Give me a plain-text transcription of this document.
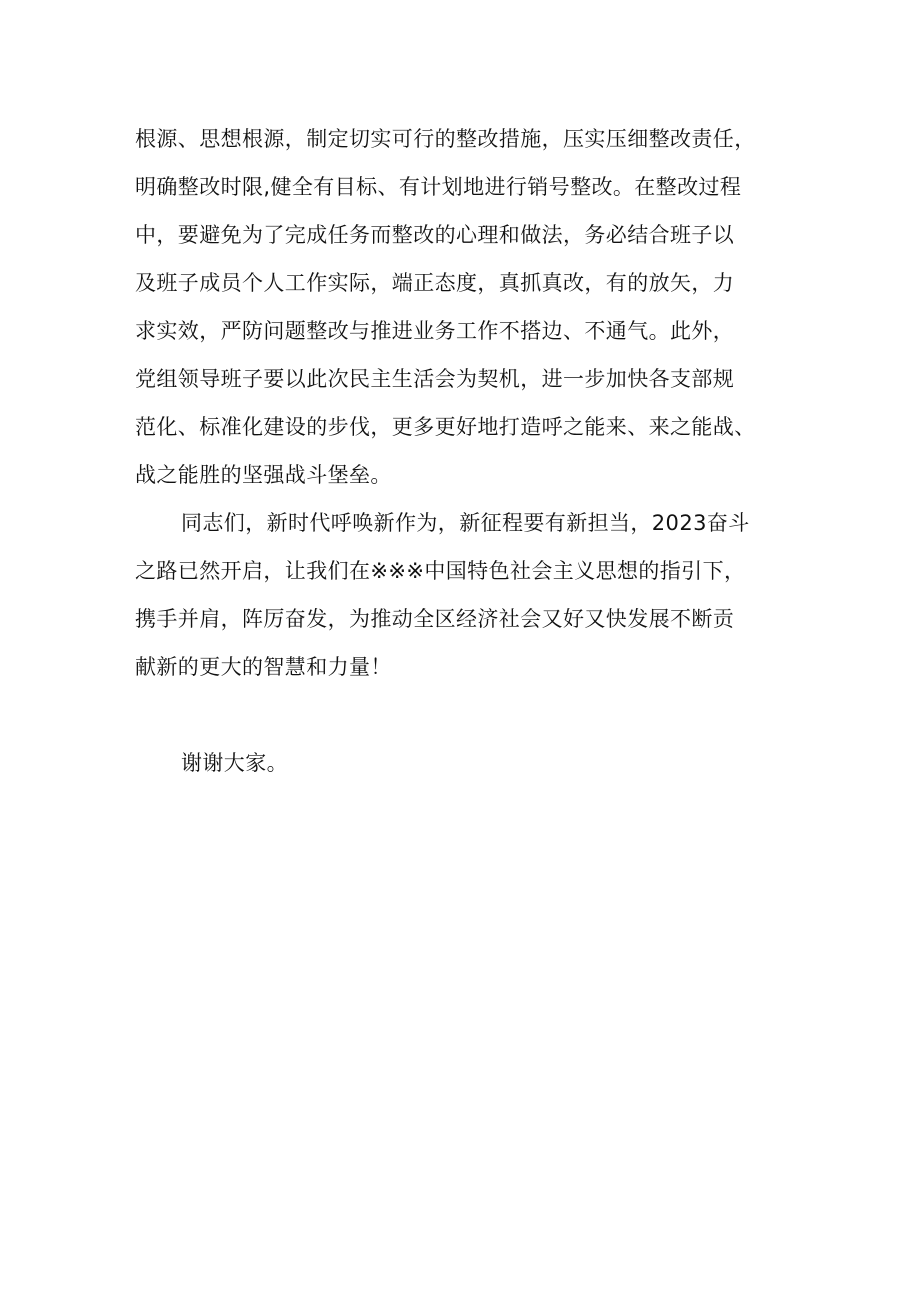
根源、思想根源，制定切实可行的整改措施，压实压细整改责任，
明确整改时限,健全有目标、有计划地进行销号整改。在整改过程
中，要避免为了完成任务而整改的心理和做法，务必结合班子以
及班子成员个人工作实际，端正态度，真抓真改，有的放矢，力
求实效，严防问题整改与推进业务工作不搭边、不通气。此外，
党组领导班子要以此次民主生活会为契机，进一步加快各支部规
范化、标准化建设的步伐，更多更好地打造呼之能来、来之能战、
战之能胜的坚强战斗堡垒。
同志们，新时代呼唤新作为，新征程要有新担当，2023奋斗
之路已然开启，让我们在※※※中国特色社会主义思想的指引下，
携手并肩，阵厉奋发，为推动全区经济社会又好又快发展不断贡
献新的更大的智慧和力量！
谢谢大家。
